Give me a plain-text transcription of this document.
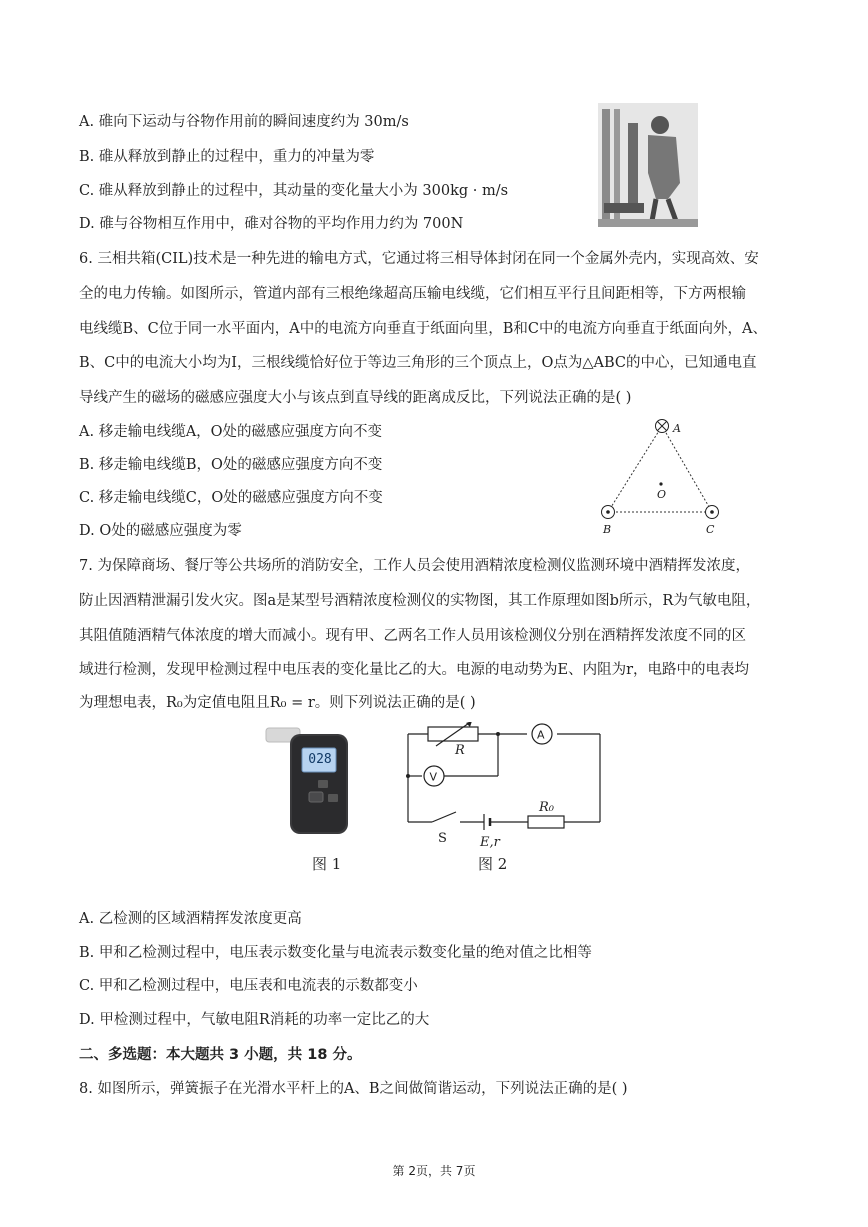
A. 碓向下运动与谷物作用前的瞬间速度约为 30m/s
B. 碓从释放到静止的过程中，重力的冲量为零
C. 碓从释放到静止的过程中，其动量的变化量大小为 300kg · m/s
D. 碓与谷物相互作用中，碓对谷物的平均作用力约为 700N
6. 三相共箱(CIL)技术是一种先进的输电方式，它通过将三相导体封闭在同一个金属外壳内，实现高效、安
全的电力传输。如图所示，管道内部有三根绝缘超高压输电线缆，它们相互平行且间距相等，下方两根输
电线缆B、C位于同一水平面内，A中的电流方向垂直于纸面向里，B和C中的电流方向垂直于纸面向外，A、
B、C中的电流大小均为I，三根线缆恰好位于等边三角形的三个顶点上，O点为△ABC的中心，已知通电直
导线产生的磁场的磁感应强度大小与该点到直导线的距离成反比，下列说法正确的是( )
A. 移走输电线缆A，O处的磁感应强度方向不变
B. 移走输电线缆B，O处的磁感应强度方向不变
C. 移走输电线缆C，O处的磁感应强度方向不变
D. O处的磁感应强度为零
A
O
B	C
7. 为保障商场、餐厅等公共场所的消防安全，工作人员会使用酒精浓度检测仪监测环境中酒精挥发浓度，
防止因酒精泄漏引发火灾。图a是某型号酒精浓度检测仪的实物图，其工作原理如图b所示，R为气敏电阻，
其阻值随酒精气体浓度的增大而减小。现有甲、乙两名工作人员用该检测仪分别在酒精挥发浓度不同的区
域进行检测，发现甲检测过程中电压表的变化量比乙的大。电源的电动势为E、内阻为r，电路中的电表均
为理想电表，R₀为定值电阻且R₀ = r。则下列说法正确的是( )
028
R
A
V
R₀
S	E,r
图 1	图 2
A. 乙检测的区域酒精挥发浓度更高
B. 甲和乙检测过程中，电压表示数变化量与电流表示数变化量的绝对值之比相等
C. 甲和乙检测过程中，电压表和电流表的示数都变小
D. 甲检测过程中，气敏电阻R消耗的功率一定比乙的大
二、多选题：本大题共 3 小题，共 18 分。
8. 如图所示，弹簧振子在光滑水平杆上的A、B之间做简谐运动，下列说法正确的是( )
第 2页，共 7页
